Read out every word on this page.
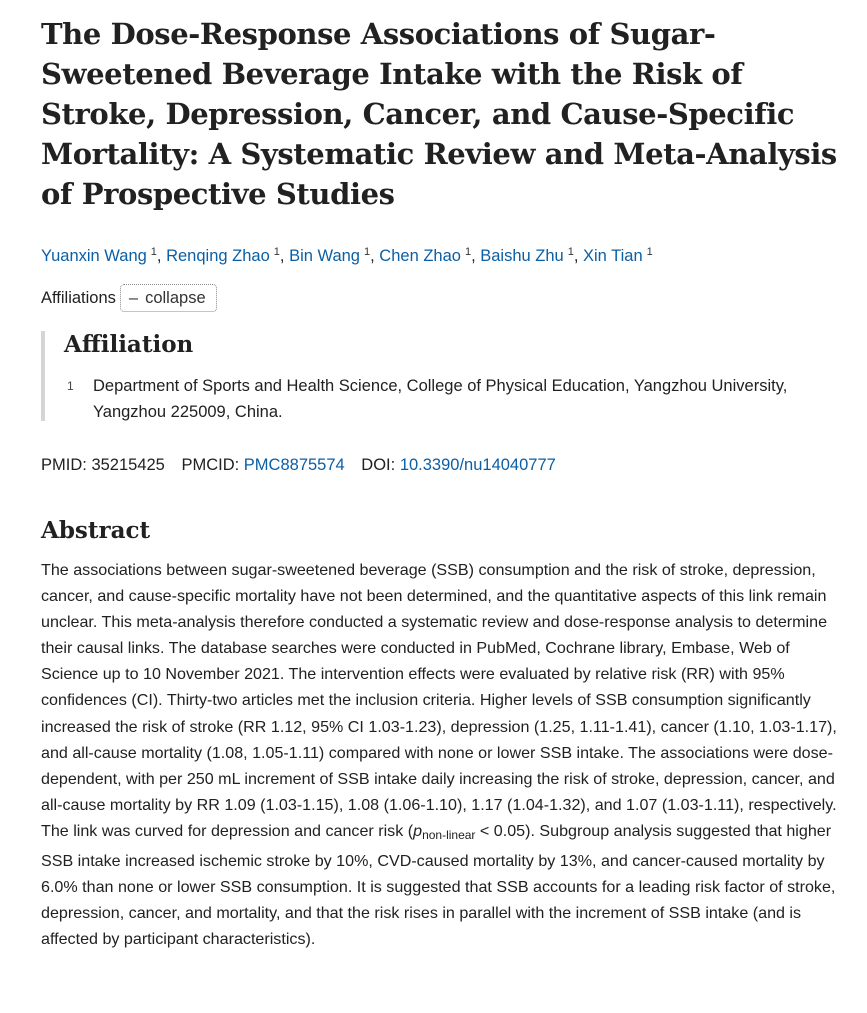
The Dose-Response Associations of Sugar-Sweetened Beverage Intake with the Risk of Stroke, Depression, Cancer, and Cause-Specific Mortality: A Systematic Review and Meta-Analysis of Prospective Studies
Yuanxin Wang $^1$, Renqing Zhao $^1$, Bin Wang $^1$, Chen Zhao $^1$, Baishu Zhu $^1$, Xin Tian $^1$
Affiliations – collapse
Affiliation
1	Department of Sports and Health Science, College of Physical Education, Yangzhou University, Yangzhou 225009, China.
PMID: 35215425 PMCID: PMC8875574 DOI: 10.3390/nu14040777
Abstract

The associations between sugar-sweetened beverage (SSB) consumption and the risk of stroke, depression, cancer, and cause-specific mortality have not been determined, and the quantitative aspects of this link remain unclear. This meta-analysis therefore conducted a systematic review and dose-response analysis to determine their causal links. The database searches were conducted in PubMed, Cochrane library, Embase, Web of Science up to 10 November 2021. The intervention effects were evaluated by relative risk (RR) with 95% confidences (CI). Thirty-two articles met the inclusion criteria. Higher levels of SSB consumption significantly increased the risk of stroke (RR 1.12, 95% CI 1.03-1.23), depression (1.25, 1.11-1.41), cancer (1.10, 1.03-1.17), and all-cause mortality (1.08, 1.05-1.11) compared with none or lower SSB intake. The associations were dose-dependent, with per 250 mL increment of SSB intake daily increasing the risk of stroke, depression, cancer, and all-cause mortality by RR 1.09 (1.03-1.15), 1.08 (1.06-1.10), 1.17 (1.04-1.32), and 1.07 (1.03-1.11), respectively. The link was curved for depression and cancer risk $(p_{non-linear} < 0.05)$. Subgroup analysis suggested that higher SSB intake increased ischemic stroke by 10%, CVD-caused mortality by 13%, and cancer-caused mortality by 6.0% than none or lower SSB consumption. It is suggested that SSB accounts for a leading risk factor of stroke, depression, cancer, and mortality, and that the risk rises in parallel with the increment of SSB intake (and is affected by participant characteristics).
